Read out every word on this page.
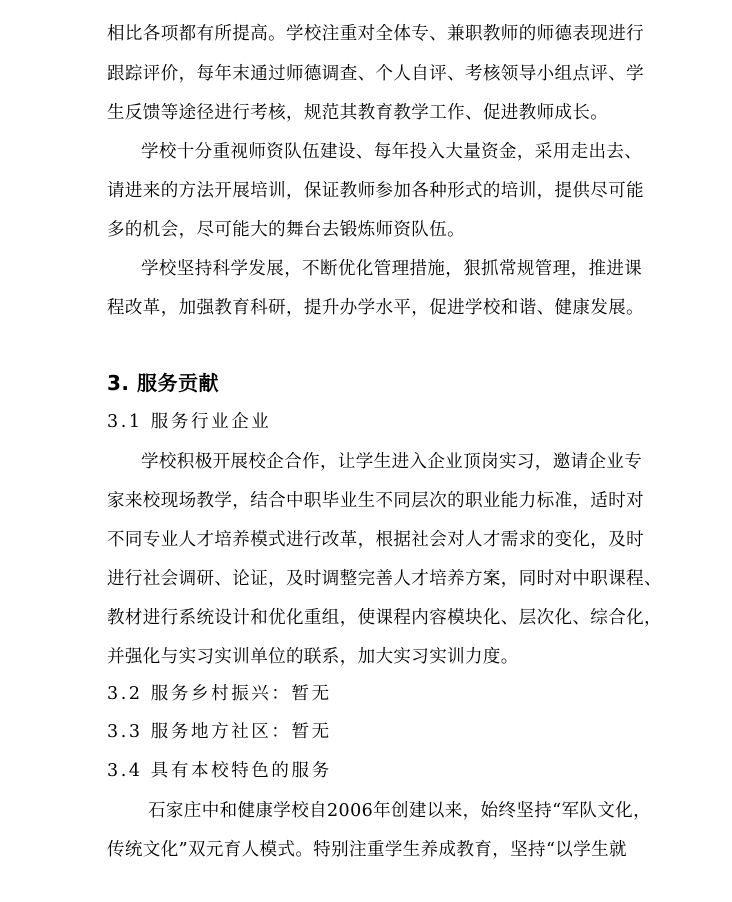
相比各项都有所提高。学校注重对全体专、兼职教师的师德表现进行

跟踪评价，每年末通过师德调查、个人自评、考核领导小组点评、学

生反馈等途径进行考核，规范其教育教学工作、促进教师成长。

学校十分重视师资队伍建设、每年投入大量资金，采用走出去、

请进来的方法开展培训，保证教师参加各种形式的培训，提供尽可能

多的机会，尽可能大的舞台去锻炼师资队伍。

学校坚持科学发展，不断优化管理措施，狠抓常规管理，推进课

程改革，加强教育科研，提升办学水平，促进学校和谐、健康发展。

3. 服务贡献

3.1 服务行业企业

学校积极开展校企合作，让学生进入企业顶岗实习，邀请企业专

家来校现场教学，结合中职毕业生不同层次的职业能力标准，适时对

不同专业人才培养模式进行改革，根据社会对人才需求的变化，及时

进行社会调研、论证，及时调整完善人才培养方案，同时对中职课程、

教材进行系统设计和优化重组，使课程内容模块化、层次化、综合化，

并强化与实习实训单位的联系，加大实习实训力度。

3.2 服务乡村振兴：暂无

3.3 服务地方社区：暂无

3.4 具有本校特色的服务

石家庄中和健康学校自2006年创建以来，始终坚持“军队文化，

传统文化”双元育人模式。特别注重学生养成教育，坚持“以学生就
